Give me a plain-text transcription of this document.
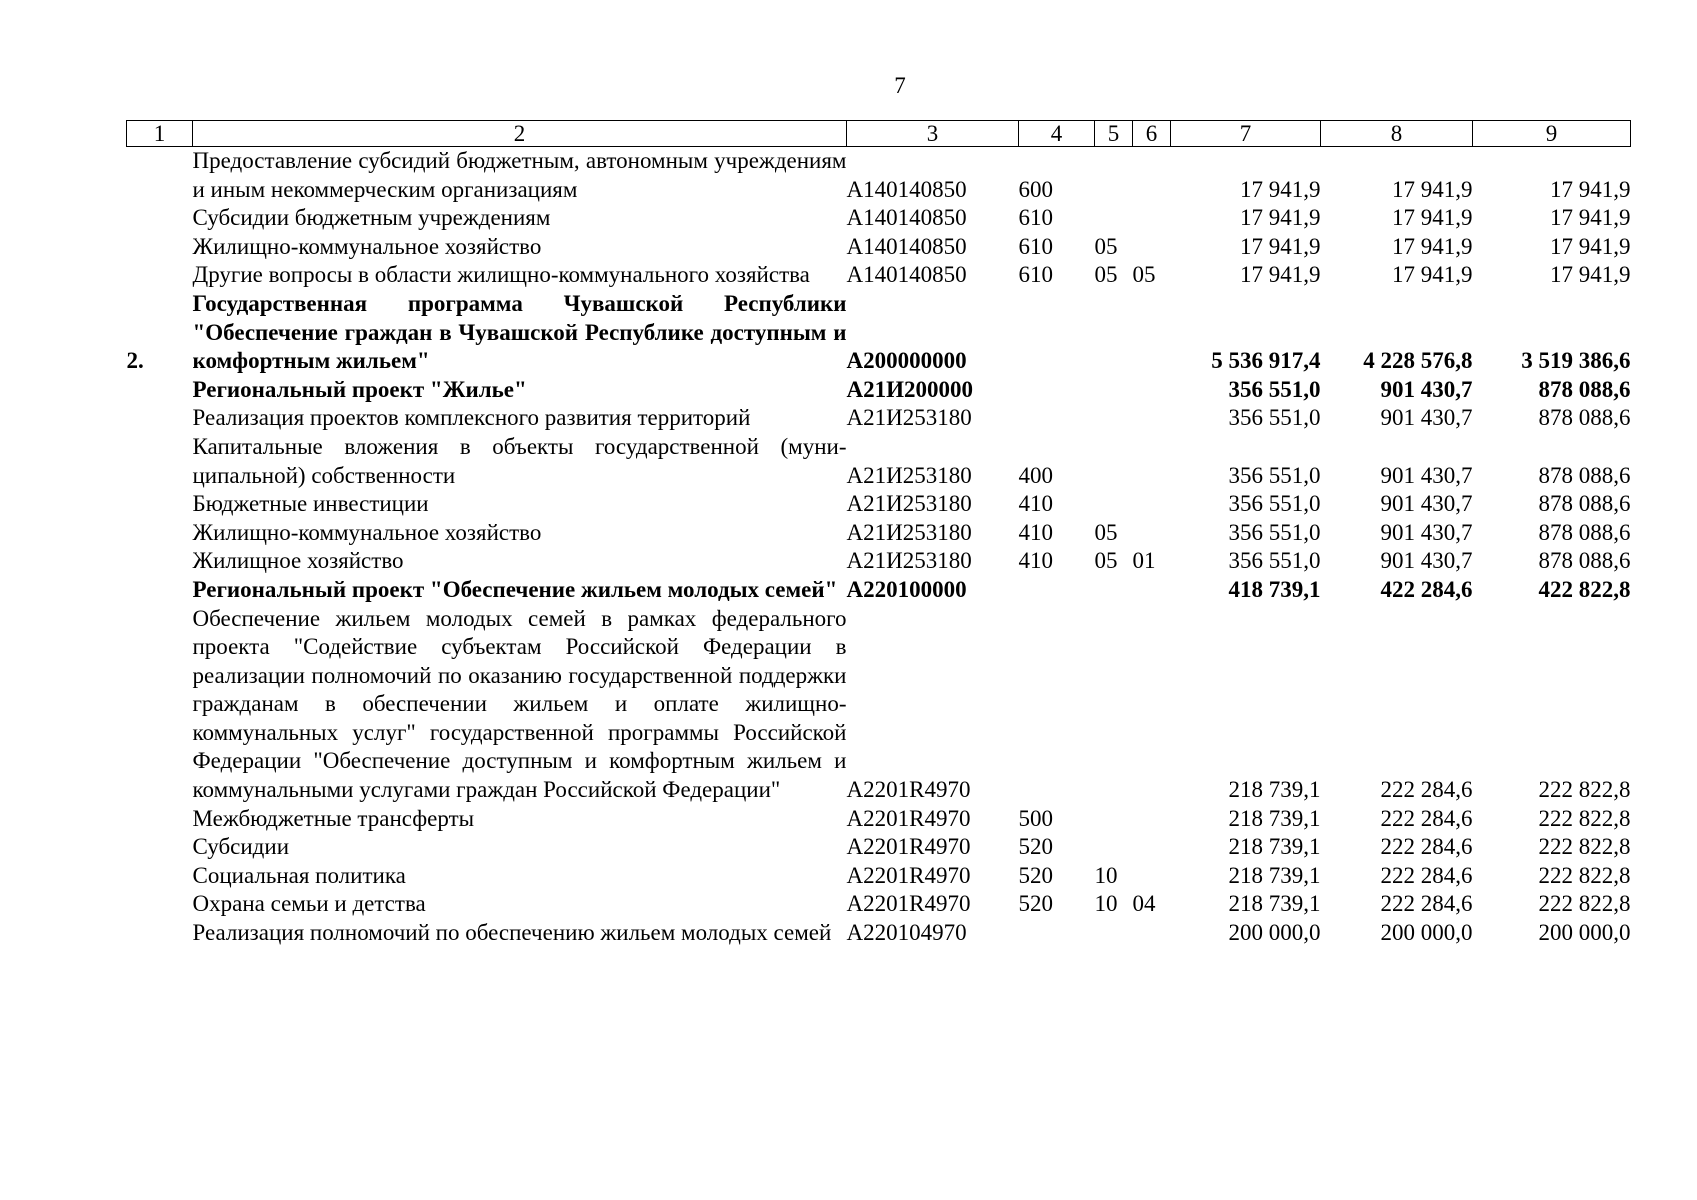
7
1	2	3	4	5	6	7	8	9
	Предоставление субсидий бюджетным, автономным учреждениям и иным некоммерческим организациям	А140140850	600			17 941,9	17 941,9	17 941,9
	Субсидии бюджетным учреждениям	А140140850	610			17 941,9	17 941,9	17 941,9
	Жилищно-коммунальное хозяйство	А140140850	610	05		17 941,9	17 941,9	17 941,9
	Другие вопросы в области жилищно-коммунального хозяйства	А140140850	610	05	05	17 941,9	17 941,9	17 941,9
2.	Государственная программа Чувашской Республики "Обеспечение граждан в Чувашской Республике доступным и комфортным жильем"	А200000000				5 536 917,4	4 228 576,8	3 519 386,6
	Региональный проект "Жилье"	А21И200000				356 551,0	901 430,7	878 088,6
	Реализация проектов комплексного развития территорий	А21И253180				356 551,0	901 430,7	878 088,6
	Капитальные вложения в объекты государственной (муниципальной) собственности	А21И253180	400			356 551,0	901 430,7	878 088,6
	Бюджетные инвестиции	А21И253180	410			356 551,0	901 430,7	878 088,6
	Жилищно-коммунальное хозяйство	А21И253180	410	05		356 551,0	901 430,7	878 088,6
	Жилищное хозяйство	А21И253180	410	05	01	356 551,0	901 430,7	878 088,6
	Региональный проект "Обеспечение жильем молодых семей"	А220100000				418 739,1	422 284,6	422 822,8
	Обеспечение жильем молодых семей в рамках федерального проекта "Содействие субъектам Российской Федерации в реализации полномочий по оказанию государственной поддержки гражданам в обеспечении жильем и оплате жилищно-коммунальных услуг" государственной программы Российской Федерации "Обеспечение доступным и комфортным жильем и коммунальными услугами граждан Российской Федерации"	А2201R4970				218 739,1	222 284,6	222 822,8
	Межбюджетные трансферты	А2201R4970	500			218 739,1	222 284,6	222 822,8
	Субсидии	А2201R4970	520			218 739,1	222 284,6	222 822,8
	Социальная политика	А2201R4970	520	10		218 739,1	222 284,6	222 822,8
	Охрана семьи и детства	А2201R4970	520	10	04	218 739,1	222 284,6	222 822,8
	Реализация полномочий по обеспечению жильем молодых семей	А220104970				200 000,0	200 000,0	200 000,0
